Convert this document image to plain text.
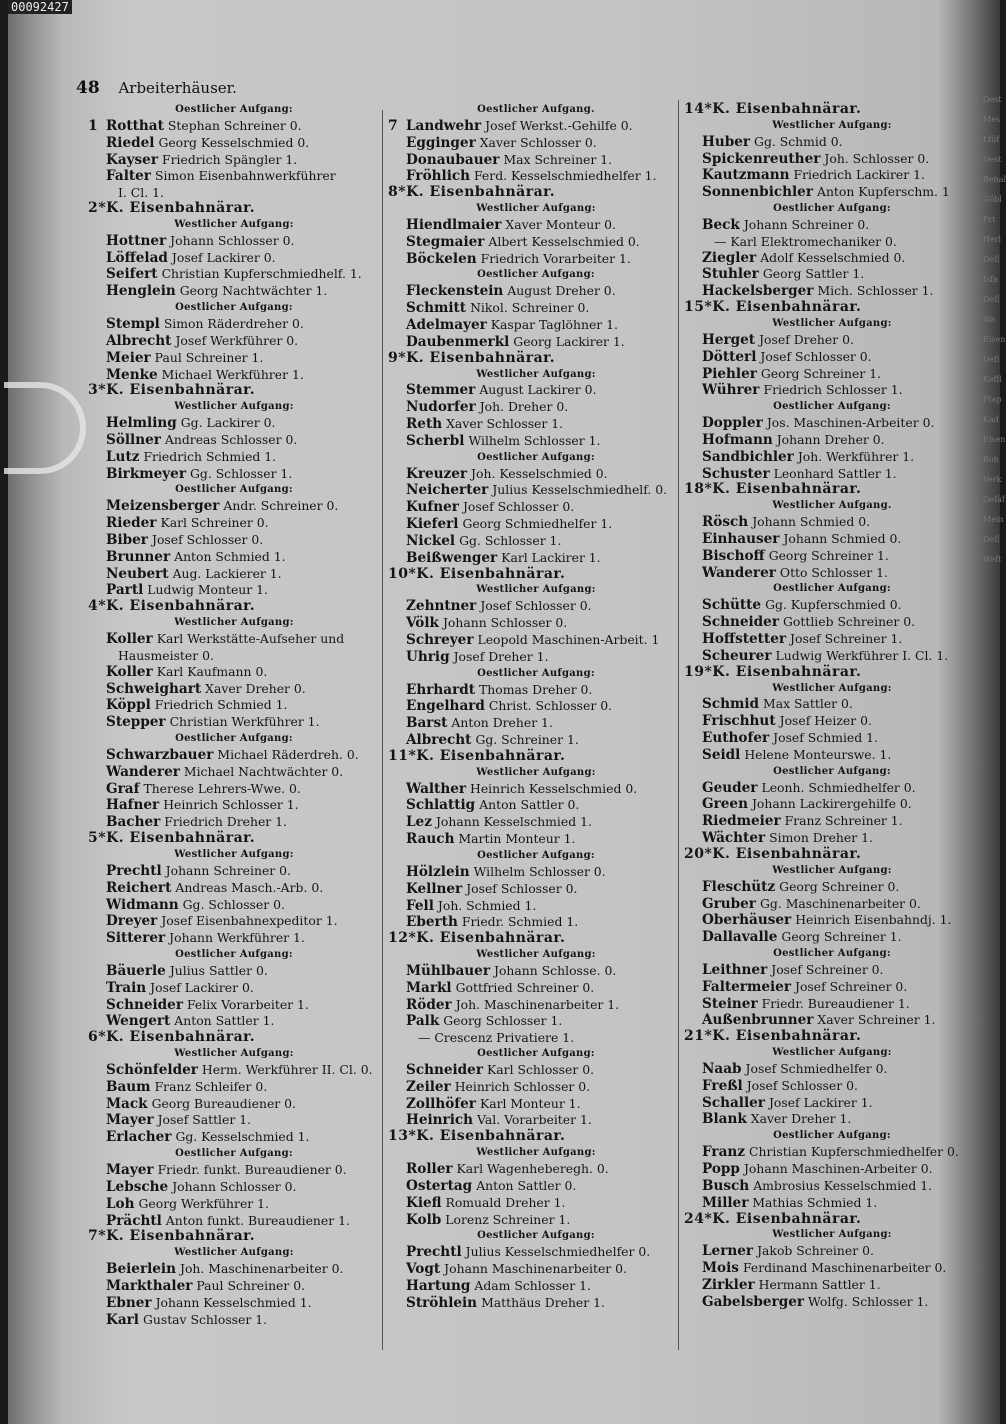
00092427
48 Arbeiterhäuser.
Oestlicher Aufgang:
1 Rotthat Stephan Schreiner 0.
Riedel Georg Kesselschmied 0.
Kayser Friedrich Spängler 1.
Falter Simon Eisenbahnwerkführer
I. Cl. 1.
2*K. Eisenbahnärar.
Westlicher Aufgang:
Hottner Johann Schlosser 0.
Löffelad Josef Lackirer 0.
Seifert Christian Kupferschmiedhelf. 1.
Henglein Georg Nachtwächter 1.
Oestlicher Aufgang:
Stempl Simon Räderdreher 0.
Albrecht Josef Werkführer 0.
Meier Paul Schreiner 1.
Menke Michael Werkführer 1.
3*K. Eisenbahnärar.
Westlicher Aufgang:
Helmling Gg. Lackirer 0.
Söllner Andreas Schlosser 0.
Lutz Friedrich Schmied 1.
Birkmeyer Gg. Schlosser 1.
Oestlicher Aufgang:
Meizensberger Andr. Schreiner 0.
Rieder Karl Schreiner 0.
Biber Josef Schlosser 0.
Brunner Anton Schmied 1.
Neubert Aug. Lackierer 1.
Partl Ludwig Monteur 1.
4*K. Eisenbahnärar.
Westlicher Aufgang:
Koller Karl Werkstätte-Aufseher und
Hausmeister 0.
Koller Karl Kaufmann 0.
Schweighart Xaver Dreher 0.
Köppl Friedrich Schmied 1.
Stepper Christian Werkführer 1.
Oestlicher Aufgang:
Schwarzbauer Michael Räderdreh. 0.
Wanderer Michael Nachtwächter 0.
Graf Therese Lehrers-Wwe. 0.
Hafner Heinrich Schlosser 1.
Bacher Friedrich Dreher 1.
5*K. Eisenbahnärar.
Westlicher Aufgang:
Prechtl Johann Schreiner 0.
Reichert Andreas Masch.-Arb. 0.
Widmann Gg. Schlosser 0.
Dreyer Josef Eisenbahnexpeditor 1.
Sitterer Johann Werkführer 1.
Oestlicher Aufgang:
Bäuerle Julius Sattler 0.
Train Josef Lackirer 0.
Schneider Felix Vorarbeiter 1.
Wengert Anton Sattler 1.
6*K. Eisenbahnärar.
Westlicher Aufgang:
Schönfelder Herm. Werkführer II. Cl. 0.
Baum Franz Schleifer 0.
Mack Georg Bureaudiener 0.
Mayer Josef Sattler 1.
Erlacher Gg. Kesselschmied 1.
Oestlicher Aufgang:
Mayer Friedr. funkt. Bureaudiener 0.
Lebsche Johann Schlosser 0.
Loh Georg Werkführer 1.
Prächtl Anton funkt. Bureaudiener 1.
7*K. Eisenbahnärar.
Westlicher Aufgang:
Beierlein Joh. Maschinenarbeiter 0.
Markthaler Paul Schreiner 0.
Ebner Johann Kesselschmied 1.
Karl Gustav Schlosser 1.
Oestlicher Aufgang.
7 Landwehr Josef Werkst.-Gehilfe 0.
Egginger Xaver Schlosser 0.
Donaubauer Max Schreiner 1.
Fröhlich Ferd. Kesselschmiedhelfer 1.
8*K. Eisenbahnärar.
Westlicher Aufgang:
Hiendlmaier Xaver Monteur 0.
Stegmaier Albert Kesselschmied 0.
Böckelen Friedrich Vorarbeiter 1.
Oestlicher Aufgang:
Fleckenstein August Dreher 0.
Schmitt Nikol. Schreiner 0.
Adelmayer Kaspar Taglöhner 1.
Daubenmerkl Georg Lackirer 1.
9*K. Eisenbahnärar.
Westlicher Aufgang:
Stemmer August Lackirer 0.
Nudorfer Joh. Dreher 0.
Reth Xaver Schlosser 1.
Scherbl Wilhelm Schlosser 1.
Oestlicher Aufgang:
Kreuzer Joh. Kesselschmied 0.
Neicherter Julius Kesselschmiedhelf. 0.
Kufner Josef Schlosser 0.
Kieferl Georg Schmiedhelfer 1.
Nickel Gg. Schlosser 1.
Beißwenger Karl Lackirer 1.
10*K. Eisenbahnärar.
Westlicher Aufgang:
Zehntner Josef Schlosser 0.
Völk Johann Schlosser 0.
Schreyer Leopold Maschinen-Arbeit. 1
Uhrig Josef Dreher 1.
Oestlicher Aufgang:
Ehrhardt Thomas Dreher 0.
Engelhard Christ. Schlosser 0.
Barst Anton Dreher 1.
Albrecht Gg. Schreiner 1.
11*K. Eisenbahnärar.
Westlicher Aufgang:
Walther Heinrich Kesselschmied 0.
Schlattig Anton Sattler 0.
Lez Johann Kesselschmied 1.
Rauch Martin Monteur 1.
Oestlicher Aufgang:
Hölzlein Wilhelm Schlosser 0.
Kellner Josef Schlosser 0.
Fell Joh. Schmied 1.
Eberth Friedr. Schmied 1.
12*K. Eisenbahnärar.
Westlicher Aufgang:
Mühlbauer Johann Schlosse. 0.
Markl Gottfried Schreiner 0.
Röder Joh. Maschinenarbeiter 1.
Palk Georg Schlosser 1.
— Crescenz Privatiere 1.
Oestlicher Aufgang:
Schneider Karl Schlosser 0.
Zeiler Heinrich Schlosser 0.
Zollhöfer Karl Monteur 1.
Heinrich Val. Vorarbeiter 1.
13*K. Eisenbahnärar.
Westlicher Aufgang:
Roller Karl Wagenheberegh. 0.
Ostertag Anton Sattler 0.
Kiefl Romuald Dreher 1.
Kolb Lorenz Schreiner 1.
Oestlicher Aufgang:
Prechtl Julius Kesselschmiedhelfer 0.
Vogt Johann Maschinenarbeiter 0.
Hartung Adam Schlosser 1.
Ströhlein Matthäus Dreher 1.
14*K. Eisenbahnärar.
Westlicher Aufgang:
Huber Gg. Schmid 0.
Spickenreuther Joh. Schlosser 0.
Kautzmann Friedrich Lackirer 1.
Sonnenbichler Anton Kupferschm. 1
Oestlicher Aufgang:
Beck Johann Schreiner 0.
— Karl Elektromechaniker 0.
Ziegler Adolf Kesselschmied 0.
Stuhler Georg Sattler 1.
Hackelsberger Mich. Schlosser 1.
15*K. Eisenbahnärar.
Westlicher Aufgang:
Herget Josef Dreher 0.
Dötterl Josef Schlosser 0.
Piehler Georg Schreiner 1.
Wührer Friedrich Schlosser 1.
Oestlicher Aufgang:
Doppler Jos. Maschinen-Arbeiter 0.
Hofmann Johann Dreher 0.
Sandbichler Joh. Werkführer 1.
Schuster Leonhard Sattler 1.
18*K. Eisenbahnärar.
Westlicher Aufgang.
Rösch Johann Schmied 0.
Einhauser Johann Schmied 0.
Bischoff Georg Schreiner 1.
Wanderer Otto Schlosser 1.
Oestlicher Aufgang:
Schütte Gg. Kupferschmied 0.
Schneider Gottlieb Schreiner 0.
Hoffstetter Josef Schreiner 1.
Scheurer Ludwig Werkführer I. Cl. 1.
19*K. Eisenbahnärar.
Westlicher Aufgang:
Schmid Max Sattler 0.
Frischhut Josef Heizer 0.
Euthofer Josef Schmied 1.
Seidl Helene Monteurswe. 1.
Oestlicher Aufgang:
Geuder Leonh. Schmiedhelfer 0.
Green Johann Lackirergehilfe 0.
Riedmeier Franz Schreiner 1.
Wächter Simon Dreher 1.
20*K. Eisenbahnärar.
Westlicher Aufgang:
Fleschütz Georg Schreiner 0.
Gruber Gg. Maschinenarbeiter 0.
Oberhäuser Heinrich Eisenbahndj. 1.
Dallavalle Georg Schreiner 1.
Oestlicher Aufgang:
Leithner Josef Schreiner 0.
Faltermeier Josef Schreiner 0.
Steiner Friedr. Bureaudiener 1.
Außenbrunner Xaver Schreiner 1.
21*K. Eisenbahnärar.
Westlicher Aufgang:
Naab Josef Schmiedhelfer 0.
Freßl Josef Schlosser 0.
Schaller Josef Lackirer 1.
Blank Xaver Dreher 1.
Oestlicher Aufgang:
Franz Christian Kupferschmiedhelfer 0.
Popp Johann Maschinen-Arbeiter 0.
Busch Ambrosius Kesselschmied 1.
Miller Mathias Schmied 1.
24*K. Eisenbahnärar.
Westlicher Aufgang:
Lerner Jakob Schreiner 0.
Mois Ferdinand Maschinenarbeiter 0.
Zirkler Hermann Sattler 1.
Gabelsberger Wolfg. Schlosser 1.
Oest
Mes
Lfüf
Oest
Behal
Göbl
Frt
Herl
Defl
Isfa
Defl
Wa
Elsen
Defl
Keffl
Ftap
Kad
Eisen
Boh
Verk
Gefäf
Mein
Defl
Weft
